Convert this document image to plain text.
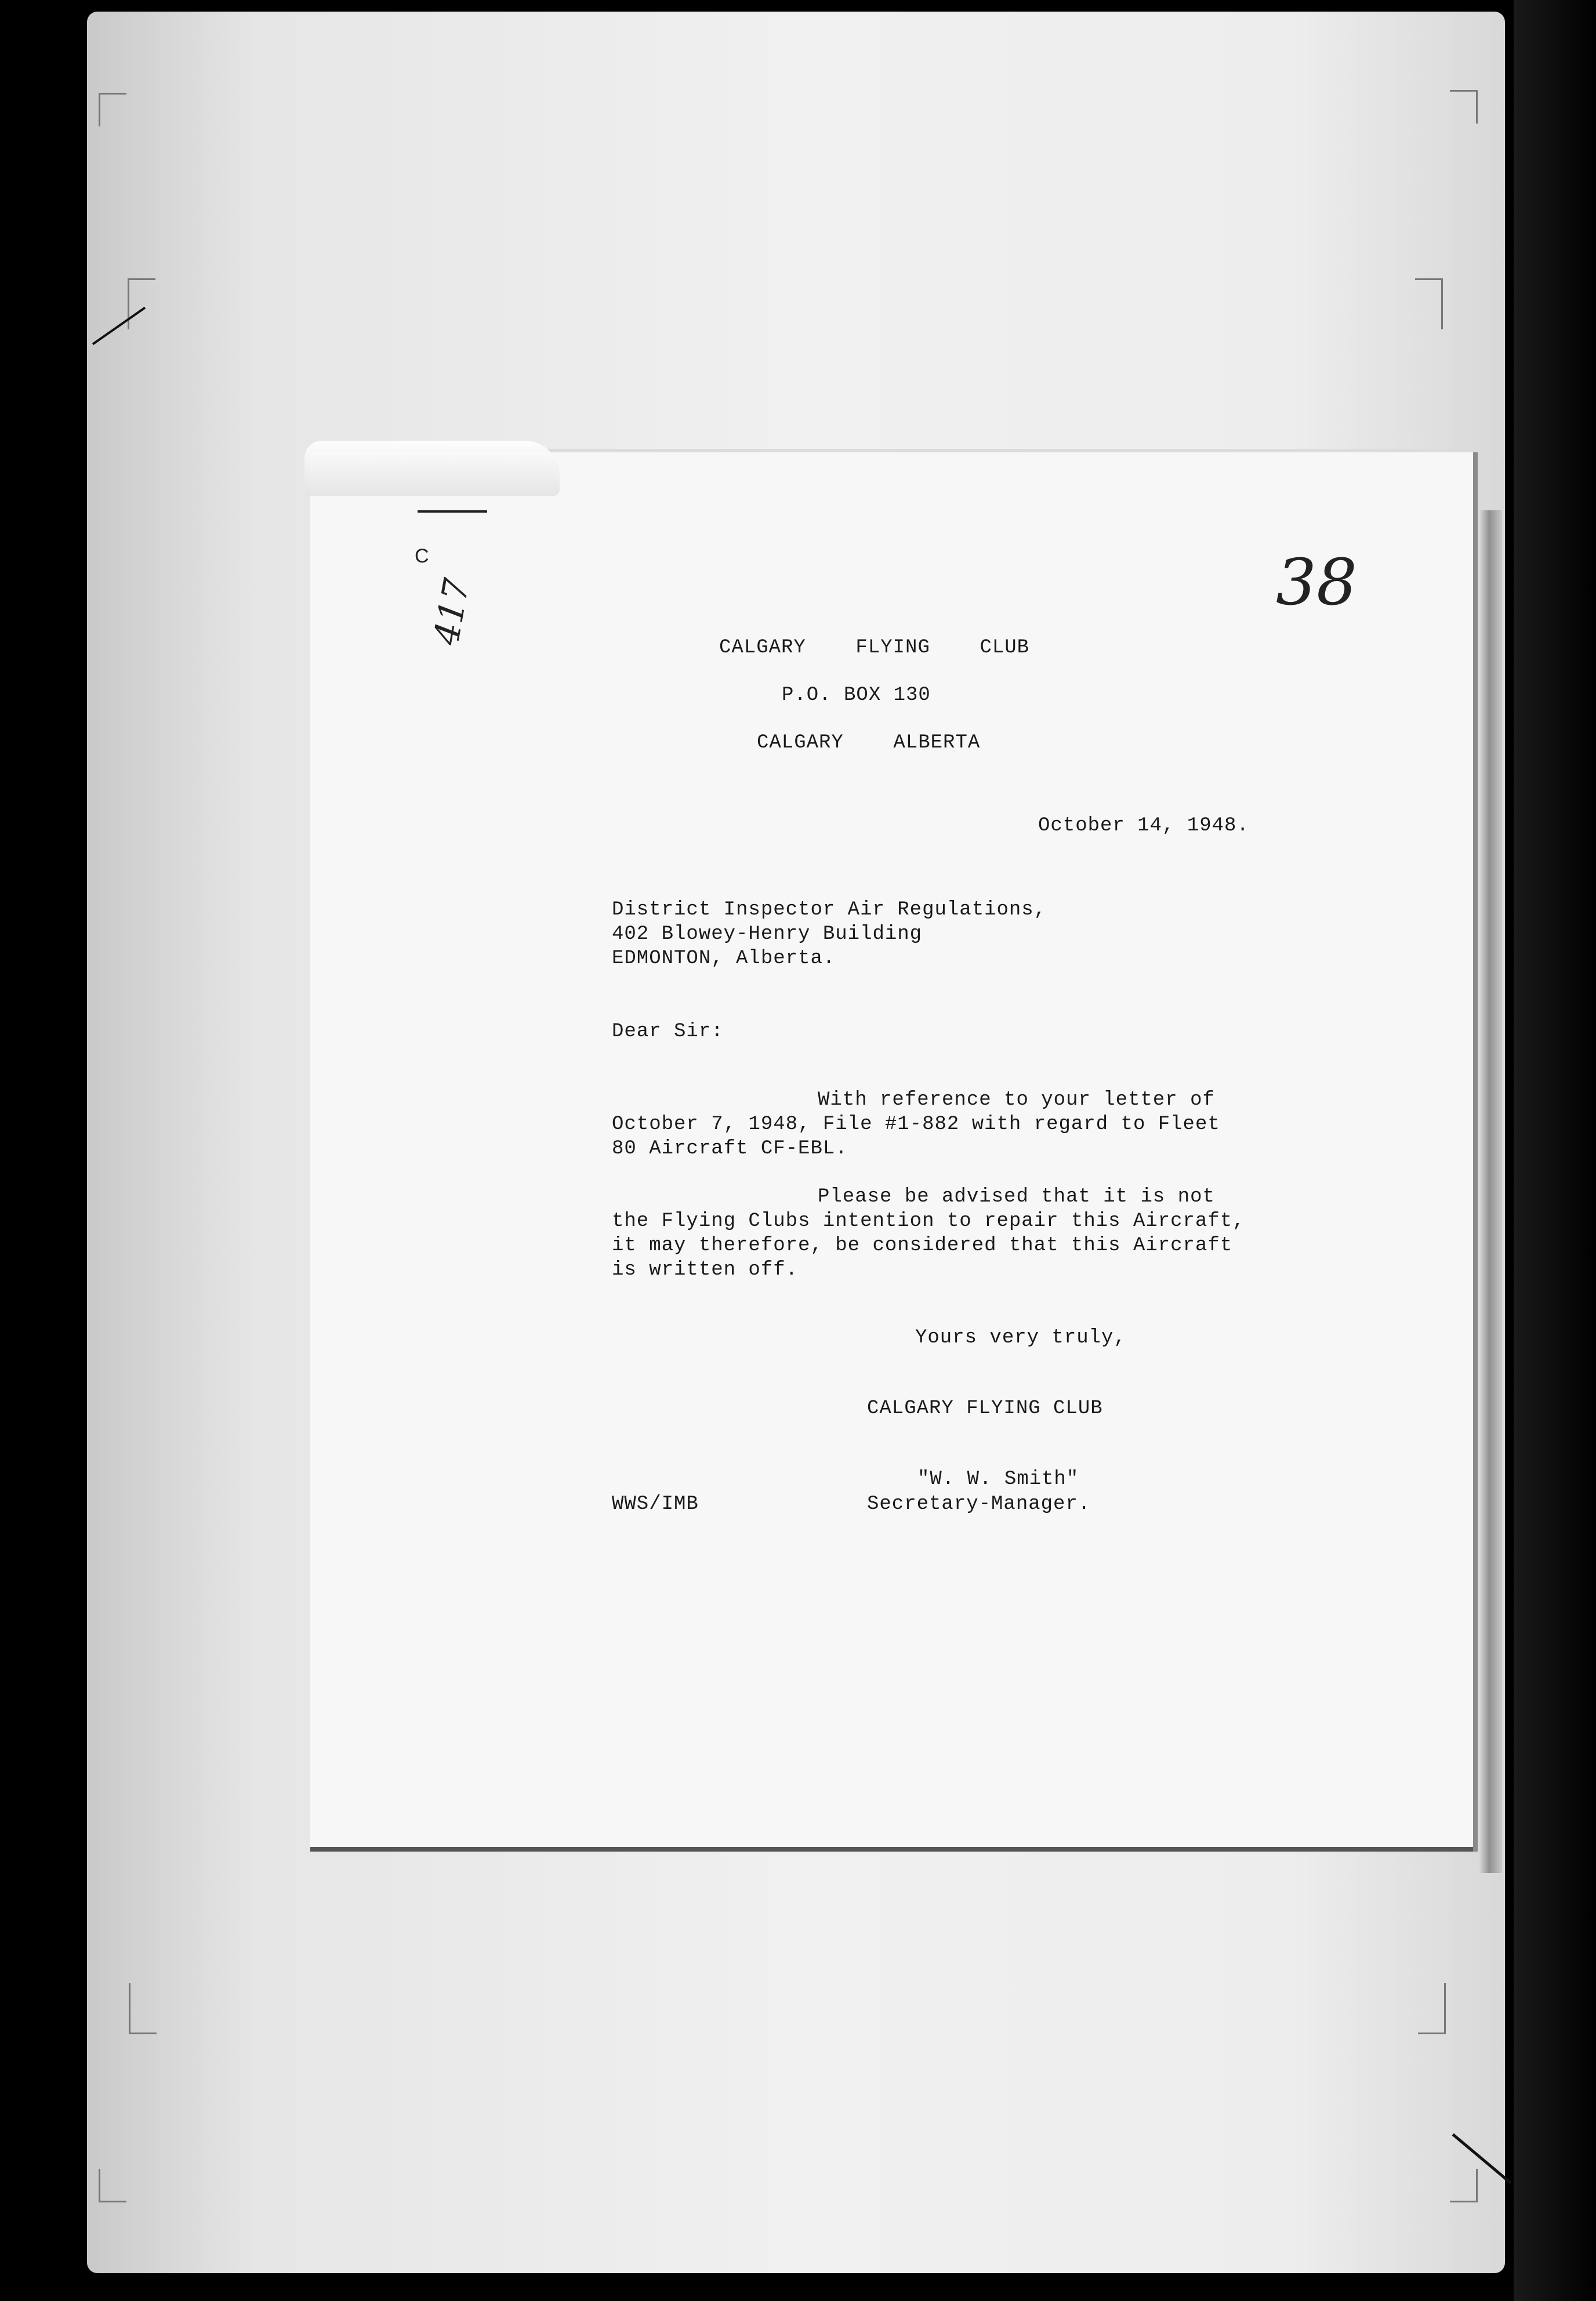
C
417	38
CALGARY    FLYING    CLUB
P.O. BOX 130
CALGARY    ALBERTA
October 14, 1948.
District Inspector Air Regulations,
402 Blowey-Henry Building
EDMONTON, Alberta.
Dear Sir:
With reference to your letter of
October 7, 1948, File #1-882 with regard to Fleet
80 Aircraft CF-EBL.
Please be advised that it is not
the Flying Clubs intention to repair this Aircraft,
it may therefore, be considered that this Aircraft
is written off.
Yours very truly,
CALGARY FLYING CLUB
"W. W. Smith"
WWS/IMB	Secretary-Manager.
